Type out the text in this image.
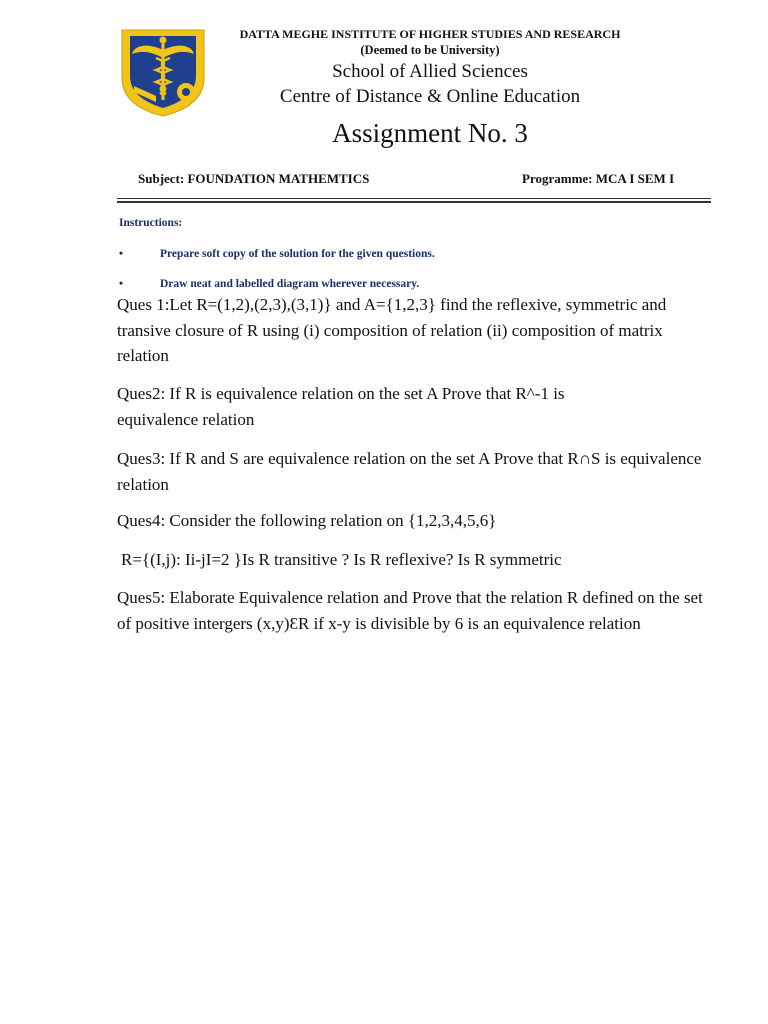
DATTA MEGHE INSTITUTE OF HIGHER STUDIES AND RESEARCH
(Deemed to be University)
School of Allied Sciences
Centre of Distance & Online Education
Assignment No. 3
Subject: FOUNDATION MATHEMTICS	Programme: MCA I SEM I
Instructions:
•	Prepare soft copy of the solution for the given questions.
•	Draw neat and labelled diagram wherever necessary.
Ques 1:Let R=(1,2),(2,3),(3,1)} and A={1,2,3} find the reflexive, symmetric and transive closure of R using (i) composition of relation (ii) composition of matrix relation
Ques2: If R is equivalence relation on the set A Prove that R^-1 is equivalence relation
Ques3: If R and S are equivalence relation on the set A Prove that R∩S is equivalence relation
Ques4: Consider the following relation on {1,2,3,4,5,6}
R={(I,j): Ii-jI=2 }Is R transitive ? Is R reflexive? Is R symmetric
Ques5: Elaborate Equivalence relation and Prove that the relation R defined on the set of positive intergers (x,y)ƐR if x-y is divisible by 6 is an equivalence relation
